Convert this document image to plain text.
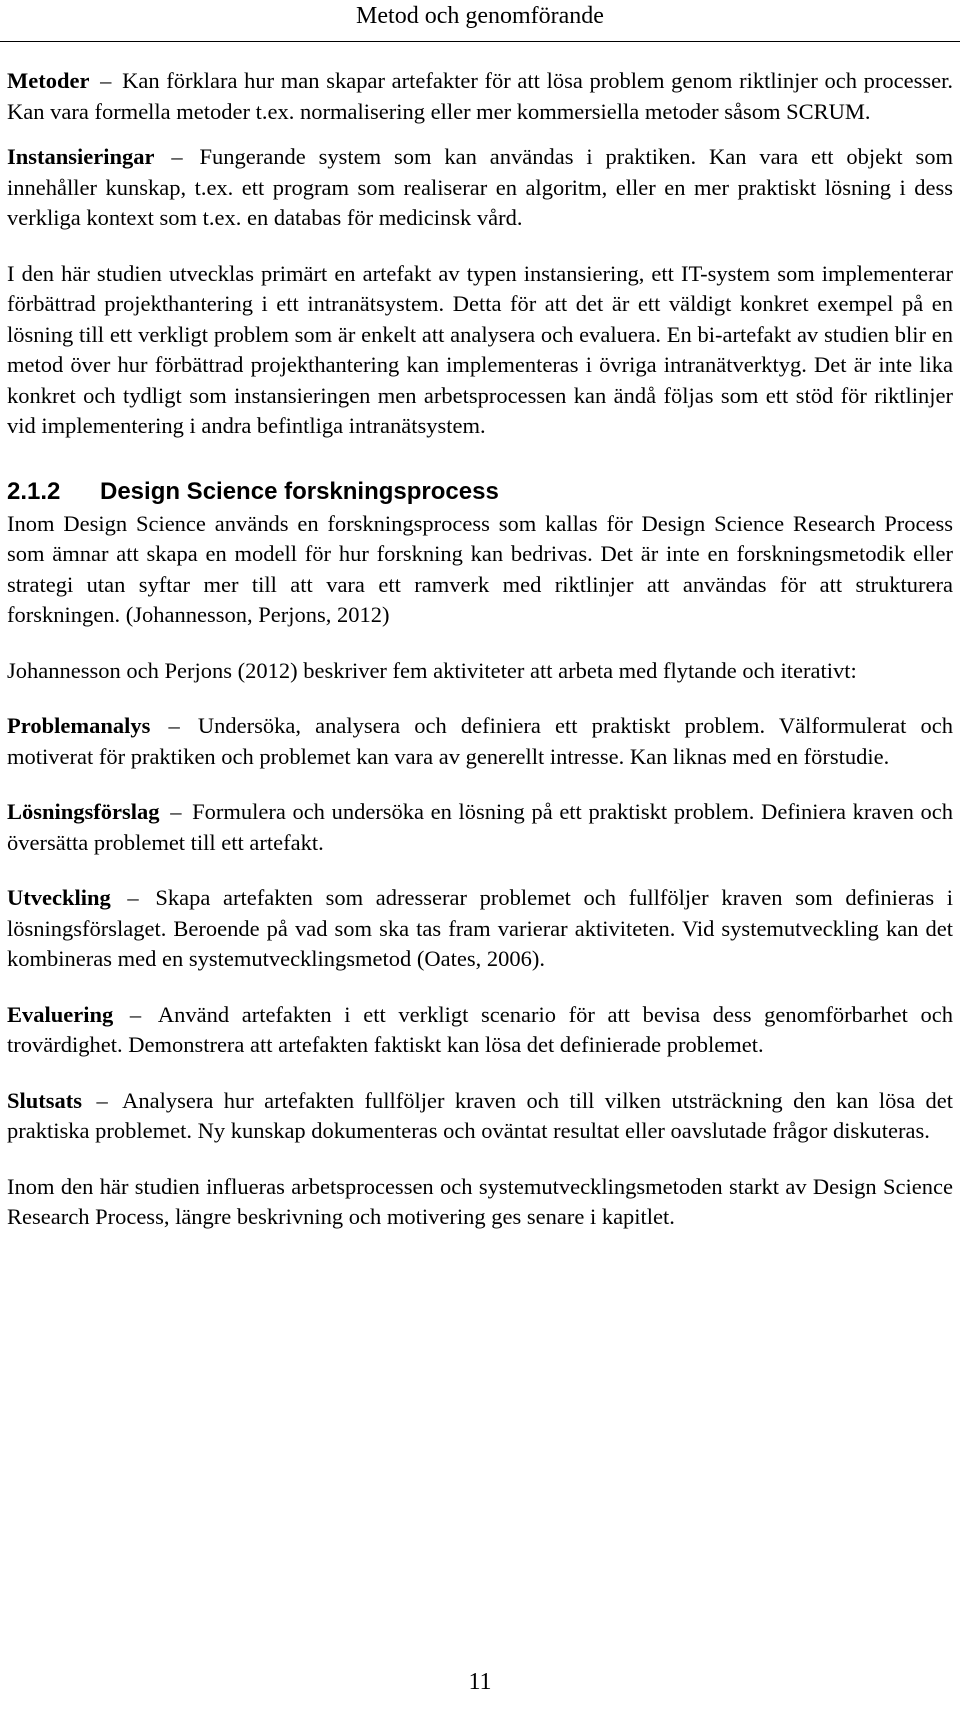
Metod och genomförande

Metoder – Kan förklara hur man skapar artefakter för att lösa problem genom riktlinjer och processer. Kan vara formella metoder t.ex. normalisering eller mer kommersiella metoder såsom SCRUM.

Instansieringar – Fungerande system som kan användas i praktiken. Kan vara ett objekt som innehåller kunskap, t.ex. ett program som realiserar en algoritm, eller en mer praktiskt lösning i dess verkliga kontext som t.ex. en databas för medicinsk vård.

I den här studien utvecklas primärt en artefakt av typen instansiering, ett IT-system som implementerar förbättrad projekthantering i ett intranätsystem. Detta för att det är ett väldigt konkret exempel på en lösning till ett verkligt problem som är enkelt att analysera och evaluera. En bi-artefakt av studien blir en metod över hur förbättrad projekthantering kan implementeras i övriga intranätverktyg. Det är inte lika konkret och tydligt som instansieringen men arbetsprocessen kan ändå följas som ett stöd för riktlinjer vid implementering i andra befintliga intranätsystem.

2.1.2 Design Science forskningsprocess

Inom Design Science används en forskningsprocess som kallas för Design Science Research Process som ämnar att skapa en modell för hur forskning kan bedrivas. Det är inte en forskningsmetodik eller strategi utan syftar mer till att vara ett ramverk med riktlinjer att användas för att strukturera forskningen. (Johannesson, Perjons, 2012)

Johannesson och Perjons (2012) beskriver fem aktiviteter att arbeta med flytande och iterativt:

Problemanalys – Undersöka, analysera och definiera ett praktiskt problem. Välformulerat och motiverat för praktiken och problemet kan vara av generellt intresse. Kan liknas med en förstudie.

Lösningsförslag – Formulera och undersöka en lösning på ett praktiskt problem. Definiera kraven och översätta problemet till ett artefakt.

Utveckling – Skapa artefakten som adresserar problemet och fullföljer kraven som definieras i lösningsförslaget. Beroende på vad som ska tas fram varierar aktiviteten. Vid systemutveckling kan det kombineras med en systemutvecklingsmetod (Oates, 2006).

Evaluering – Använd artefakten i ett verkligt scenario för att bevisa dess genomförbarhet och trovärdighet. Demonstrera att artefakten faktiskt kan lösa det definierade problemet.

Slutsats – Analysera hur artefakten fullföljer kraven och till vilken utsträckning den kan lösa det praktiska problemet. Ny kunskap dokumenteras och oväntat resultat eller oavslutade frågor diskuteras.

Inom den här studien influeras arbetsprocessen och systemutvecklingsmetoden starkt av Design Science Research Process, längre beskrivning och motivering ges senare i kapitlet.

11
